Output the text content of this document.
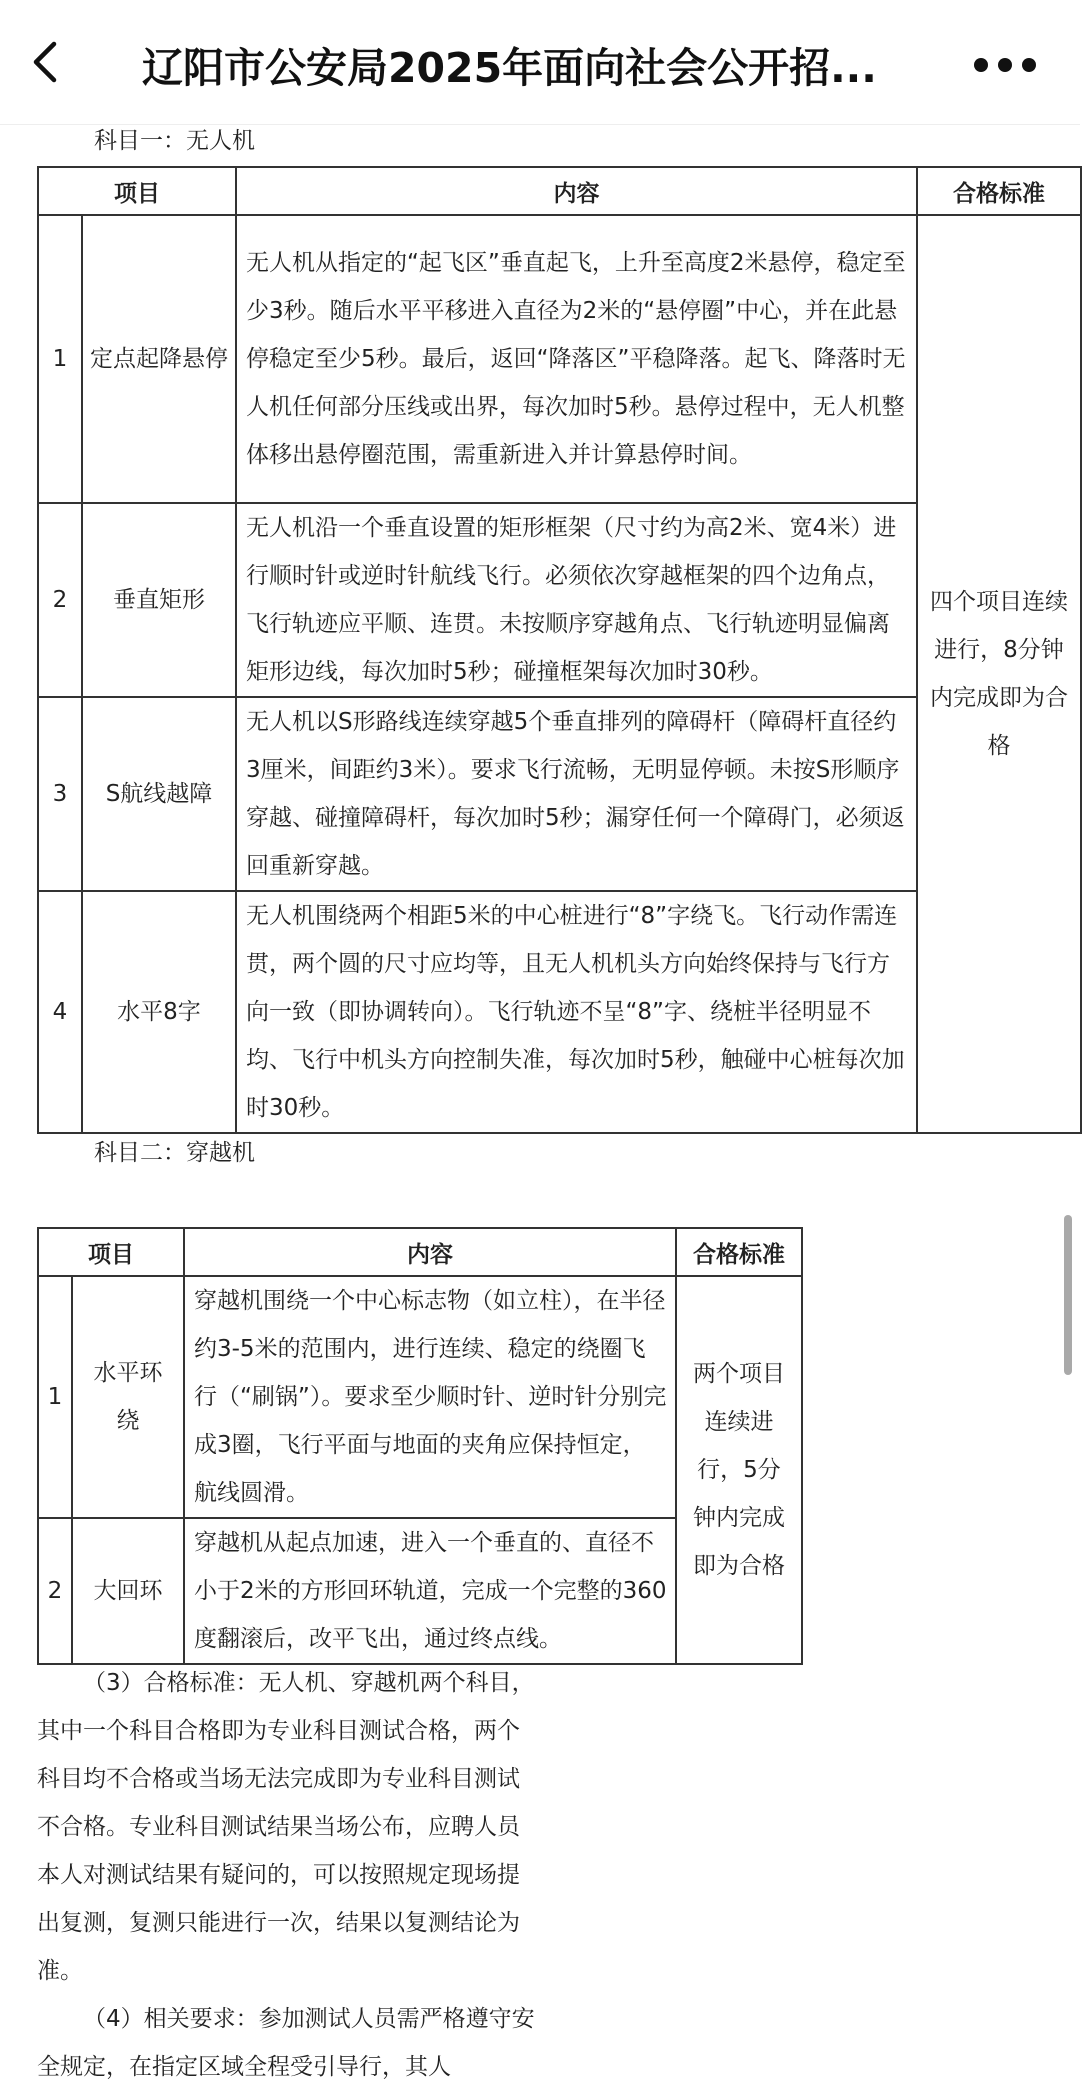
辽阳市公安局2025年面向社会公开招...
科目一：无人机
项目		内容	合格标准
1	定点起降悬停	无人机从指定的“起飞区”垂直起飞，上升至高度2米悬停，稳定至少3秒。随后水平平移进入直径为2米的“悬停圈”中心，并在此悬停稳定至少5秒。最后，返回“降落区”平稳降落。起飞、降落时无人机任何部分压线或出界，每次加时5秒。悬停过程中，无人机整体移出悬停圈范围，需重新进入并计算悬停时间。	四个项目连续进行，8分钟内完成即为合格
2	垂直矩形	无人机沿一个垂直设置的矩形框架（尺寸约为高2米、宽4米）进行顺时针或逆时针航线飞行。必须依次穿越框架的四个边角点，飞行轨迹应平顺、连贯。未按顺序穿越角点、飞行轨迹明显偏离矩形边线，每次加时5秒；碰撞框架每次加时30秒。	
3	S航线越障	无人机以S形路线连续穿越5个垂直排列的障碍杆（障碍杆直径约3厘米，间距约3米）。要求飞行流畅，无明显停顿。未按S形顺序穿越、碰撞障碍杆，每次加时5秒；漏穿任何一个障碍门，必须返回重新穿越。	
4	水平8字	无人机围绕两个相距5米的中心桩进行“8”字绕飞。飞行动作需连贯，两个圆的尺寸应均等，且无人机机头方向始终保持与飞行方向一致（即协调转向）。飞行轨迹不呈“8”字、绕桩半径明显不均、飞行中机头方向控制失准，每次加时5秒，触碰中心桩每次加时30秒。	
科目二：穿越机
项目		内容	合格标准
1	水平环绕	穿越机围绕一个中心标志物（如立柱），在半径约3-5米的范围内，进行连续、稳定的绕圈飞行（“刷锅”）。要求至少顺时针、逆时针分别完成3圈，飞行平面与地面的夹角应保持恒定，航线圆滑。	两个项目连续进行，5分钟内完成即为合格
2	大回环	穿越机从起点加速，进入一个垂直的、直径不小于2米的方形回环轨道，完成一个完整的360度翻滚后，改平飞出，通过终点线。	

（3）合格标准：无人机、穿越机两个科目，其中一个科目合格即为专业科目测试合格，两个科目均不合格或当场无法完成即为专业科目测试不合格。专业科目测试结果当场公布，应聘人员本人对测试结果有疑问的，可以按照规定现场提出复测，复测只能进行一次，结果以复测结论为准。

（4）相关要求：参加测试人员需严格遵守安全规定，在指定区域全程受引导行，其人
